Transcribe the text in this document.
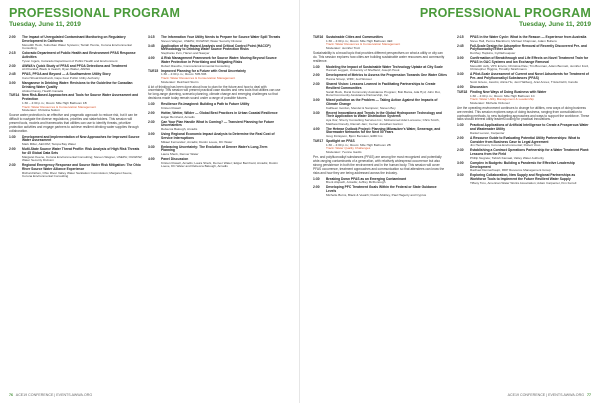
PROFESSIONAL PROGRAM
Tuesday, June 11, 2019
2:00	The Impact of Unregulated Contaminant Monitoring on Regulatory Development in California
Meredith Heck, Suburban Water Systems; Tarrah Henrie, Corona Environmental Consulting
2:15	Colorado Department of Public Health and Environment PFAS Response Activities
Tyson Ingels, Colorado Department of Public Health and Environment
2:30	AWWA's Quick Study of PFAS and PFOA Detections and Treatment
Ali Kharidar, Black & Veatch; Ryan Walter, AWWA
2:45	PFAS, PFOA and Beyond — A Southwestern Utility Story
Carol Shoaf-Reichardt, Cape Fear Public Utility Authority
3:00	Manganese in Drinking Water: Revisions to the Guideline for Canadian Drinking Water Quality
Abdoul Kassy, Health Canada
TUE14 New Risk-Based Approaches and Tools for Source Water Assessment and Protection
1:30 – 4:30 p.m.; Room: Mile High Ballroom 1B
Track: Water Resources & Conservation Management
Moderator: Christina Sutton
Source water protection is an effective and pragmatic approach to reduce risk, but it can be difficult to navigate the diverse regulations, priorities and stakeholders. This session will present tools, models and frameworks that utilities can use to identify threats, prioritize protection activities and engage partners to achieve resilient drinking water supplies through collaboration.
1:30	Development and Implementation of New Approaches for Improved Source Water Assessment
Mark Miller, AECOM; Tampa Bay Water
2:00	Multi-State Source Water Threat Profile: Risk Analysis of High Risk Threats for 45 Global Data Sets
Margaret Keene, Corona Environmental Consulting; Steven Wagner, USEPA; OGWDW; Water Security Division
2:30	Regional Emergency Response and Source Water Risk Mitigation: The Ohio River Source Water Alliance Experience
Richard Ehan, Ohio River Valley Water Sanitation Commission; Margaret Keene, Corona Environmental Consulting
3:15	The Information Your Utility Needs to Prepare for Source Water Spill Threats
Steven Wagner, USEPA; OGWDW; Water Security Division
3:45	Application of the Hazard Analysis and Critical Control Point (HACCP) Methodology to Drinking Water Source Protection Risks
Stephanie Irvin, Hazen and Sawyer
4:00	A Risk Management Framework for Source Water: Moving Beyond Source Water Protection in Prioritizing and Mitigating Risks
Robert Rauche, Corona Environmental Consulting
TUE15 Improved Planning for a Future with Great Uncertainty
1:30 – 4:30 p.m.; Room: 505-506
Track: Water Resources & Conservation Management
Moderator: Reinhard Sturm
A lot of thinking has been done about how to plan for the future and how to deal with uncertainty. This session will present practical case studies and new tools that utilities can use for long-range planning, scenario planning, climate change and emerging challenges so that decisions made today remain sound under a range of possible futures.
1:30	Resilience Re-Imagined: Building a Path to Future Utility
Kristen Rowell
2:00	Hotter, Wetter, Wilder — Global Best Practices in Urban Coastal Resilience
Edgar Bernhard, Arcadis
2:30	Can Your Plan Handle What Is Coming? — Transient Planning for Future Uncertainties
Rebecca Balough, Arcadis
3:00	Using Regional Economic Impact Analysis to Determine the Real Cost of Service Interruptions
Mikael Fernandez, Arcadis; Dustin Loeve, DC Water
3:30	Embracing Uncertainty: The Evolution of Denver Water's Long-Term Planning
Laura Sherk, Denver Water
4:00	Panel Discussion
Kristen Rowell, Arcadis; Laura Sherk, Denver Water; Edgar Bernhard, Arcadis; Dustin Loeve, DC Water and Rebecca Balough, Arcadis
76 ACE19 CONFERENCE | EVENTS.AWWA.ORG
PROFESSIONAL PROGRAM
Tuesday, June 11, 2019
TUE16 Sustainable Cities and Communities
1:30 – 4:30 p.m.; Room: Mile High Ballroom 4EF
Track: Water Resources & Conservation Management
Moderator: Jennifer Trott
Sustainability is a broad topic that provides different perspectives on what a utility or city can do. This session explores how cities are building sustainable water resources and community resilience.
1:30	Modeling the Impact of Sustainable Water Technology Uptake at City Scale
Hannah Leggett, University of Sheffield; Joseph Hook
2:00	Development of Metrics to Assess the Progression Towards One Water Cities
Hanna Stroop, WRF; Jed Wosser
2:30	Shared Vision: Lessons Learned in Facilitating Partnerships to Create Resilient Communities
Sarah Buck, Rural Community Assistance Program; Bob Barca, Ada Hyd; John Rot, Rural Community Assistance Partnership, Inc.
3:00	Mixed pollution as the Problem — Taking Action Against the Impacts of Climate Change
Kathleen Gordon, Mendel & Sampson; Steven Boy
3:30	Recent Innovations and Trends in the Global Hydropower Technology and Their Application to Water Distribution Systems
Aya Ibor; Sherry Consulting Services Inc.; Mohammed Adel Lonsome; Chris Smith, Matthew Donelly, Ramah Jam; Cerner Jonathan Garzon
4:00	The Hetmar Outlook Project: Planning Milwaukee's Water, Sewerage, and Stormwater Networks for the Next 50 Years
Greg Finlayson, Bjorn Benskon, EMD Inc.
TUE17 Spotlight on PFAS
1:30 – 4:30 p.m.; Room: Mile High Ballroom 2B
Track: Water Quality Challenges
Moderator: Yvonne Gavlis
Per- and polyfluoroalkyl substances (PFAS) are among the most recognized and potentially wide-ranging contaminants of a generation, with relatively widespread occurrence but also strong persistence in both the environment and in the human body. This session will cover PFAS occurrence, treatment approaches and communication so that attendees can know the risks and how they are being addressed across the industry.
1:30	Breaking Down PFAS as an Emerging Contaminant
Brent Alspach, Arcadis; Jeffrey McDonough
2:00	Developing PFC Treatment Goals Within the Federal or State Guidance Levels
Michelle Burns, Black & Veatch; Dustin Mobley, Paul Hagerty and Cyprus
2:15	PFAS in the Water Cycle: What is the Reason — Experience from Australia
Steve Hall, Perma Blackburn; Michael Chapman, Adam Bullens
2:45	Full-Scale Design for Adsorptive Removal of Recently Discovered Per- and Polyfluoroalkyl Ether Acids
Dorthey Hopkins, CyrilleFouquier
3:00	Confirmation of Breakthrough and Life Effects on Novel Treatment Train for PFAS in GAC Systems and Ion Exchange Removal
Meredith Jelly, VPC Enviro; Christina Pate; Tim Brennan, Adam Bennett, Jennifer Ford, Christopher Higgins, Timothy Strathmann
3:30	A Pilot-Scale Assessment of Current and Novel Adsorbents for Treatment of Per- and Polyfluoroalkyl Substances (PFAS)
Scott Grieco, Jacobs; Alicia Hu, Jeni Hallberg, Ariel Annex, Trista Dehli, Carollo
4:00	Discussion
TUE18 Finding New Ways of Doing Business with Water
1:30 – 4:30 p.m.; Room: Mile High Ballroom 1C
Track: Water Utility Management & Leadership
Moderator: Michelle Ordonez
Are the operating environment continues to change for utilities, new ways of doing business are needed. This session explores ways of doing business, ranging from consolidation to contracting methods, to new budgeting approaches and ways to support the workforce. These talks should interest utility leaders looking for practical innovations.
1:30	Practical Applications of Artificial Intelligence to Create a Prosperous Water and Wastewater Utility
Daniel Lemon, Carpenter
2:00	A Resource Guide to Evaluating Potential Utility Partnerships: What to Consider from Business Case to Legal Agreement
Jim Herrmann, Corona Environmental; Robert Voss
2:30	Establishing a Contract Operations Partnership for a Water Treatment Plant: Lessons from the Field
Phillip Negrete; Tabish Kamaal, Valley Water Authority
3:00	Complex in Budgets: Building a Pandemic for Effective Leadership Development
Rachael Dennerhaupt, RDP Resource Management Group
3:30	Exploring Collaboration, New Supply and Regional Partnerships as Workforce Tools to Implement the Future Resilient Water Supply
Tiffany Toro, American Water Works Association; Adam Carpenter, Kim Ferrell
ACE19 CONFERENCE | EVENTS.AWWA.ORG 77
